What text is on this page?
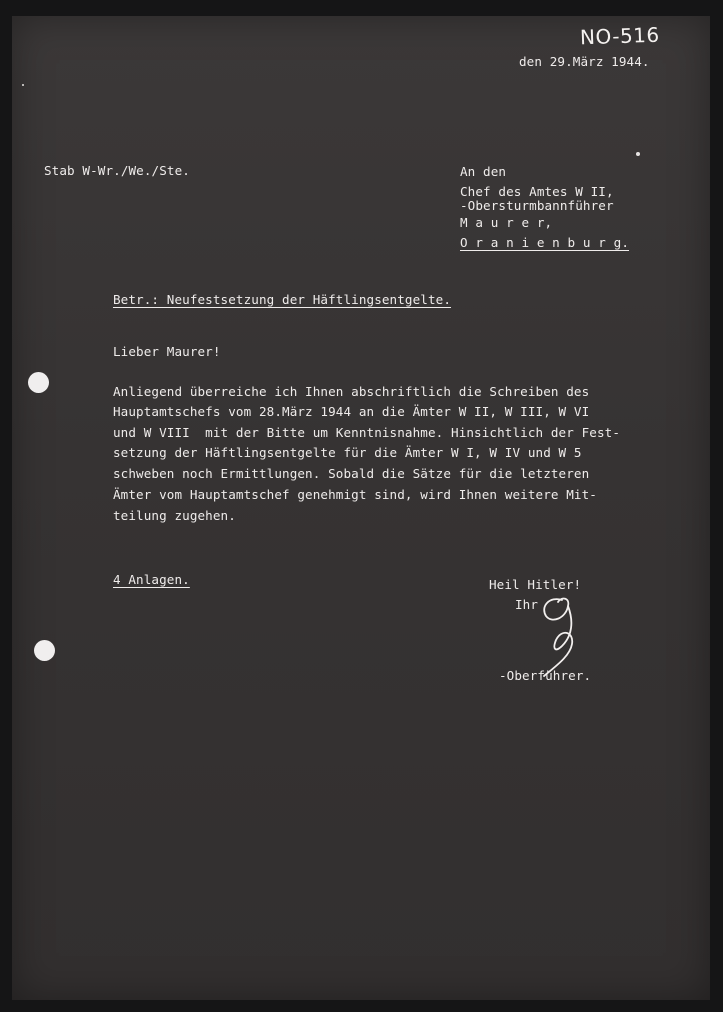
NO-516
den 29.März 1944.
Stab W-Wr./We./Ste.	An den
Chef des Amtes W II,
-Obersturmbannführer
M a u r e r,
O r a n i e n b u r g.
Betr.: Neufestsetzung der Häftlingsentgelte.
Lieber Maurer!
Anliegend überreiche ich Ihnen abschriftlich die Schreiben des
Hauptamtschefs vom 28.März 1944 an die Ämter W II, W III, W VI
und W VIII  mit der Bitte um Kenntnisnahme. Hinsichtlich der Fest-
setzung der Häftlingsentgelte für die Ämter W I, W IV und W 5
schweben noch Ermittlungen. Sobald die Sätze für die letzteren
Ämter vom Hauptamtschef genehmigt sind, wird Ihnen weitere Mit-
teilung zugehen.
4 Anlagen.	Heil Hitler!
Ihr
-Oberführer.
